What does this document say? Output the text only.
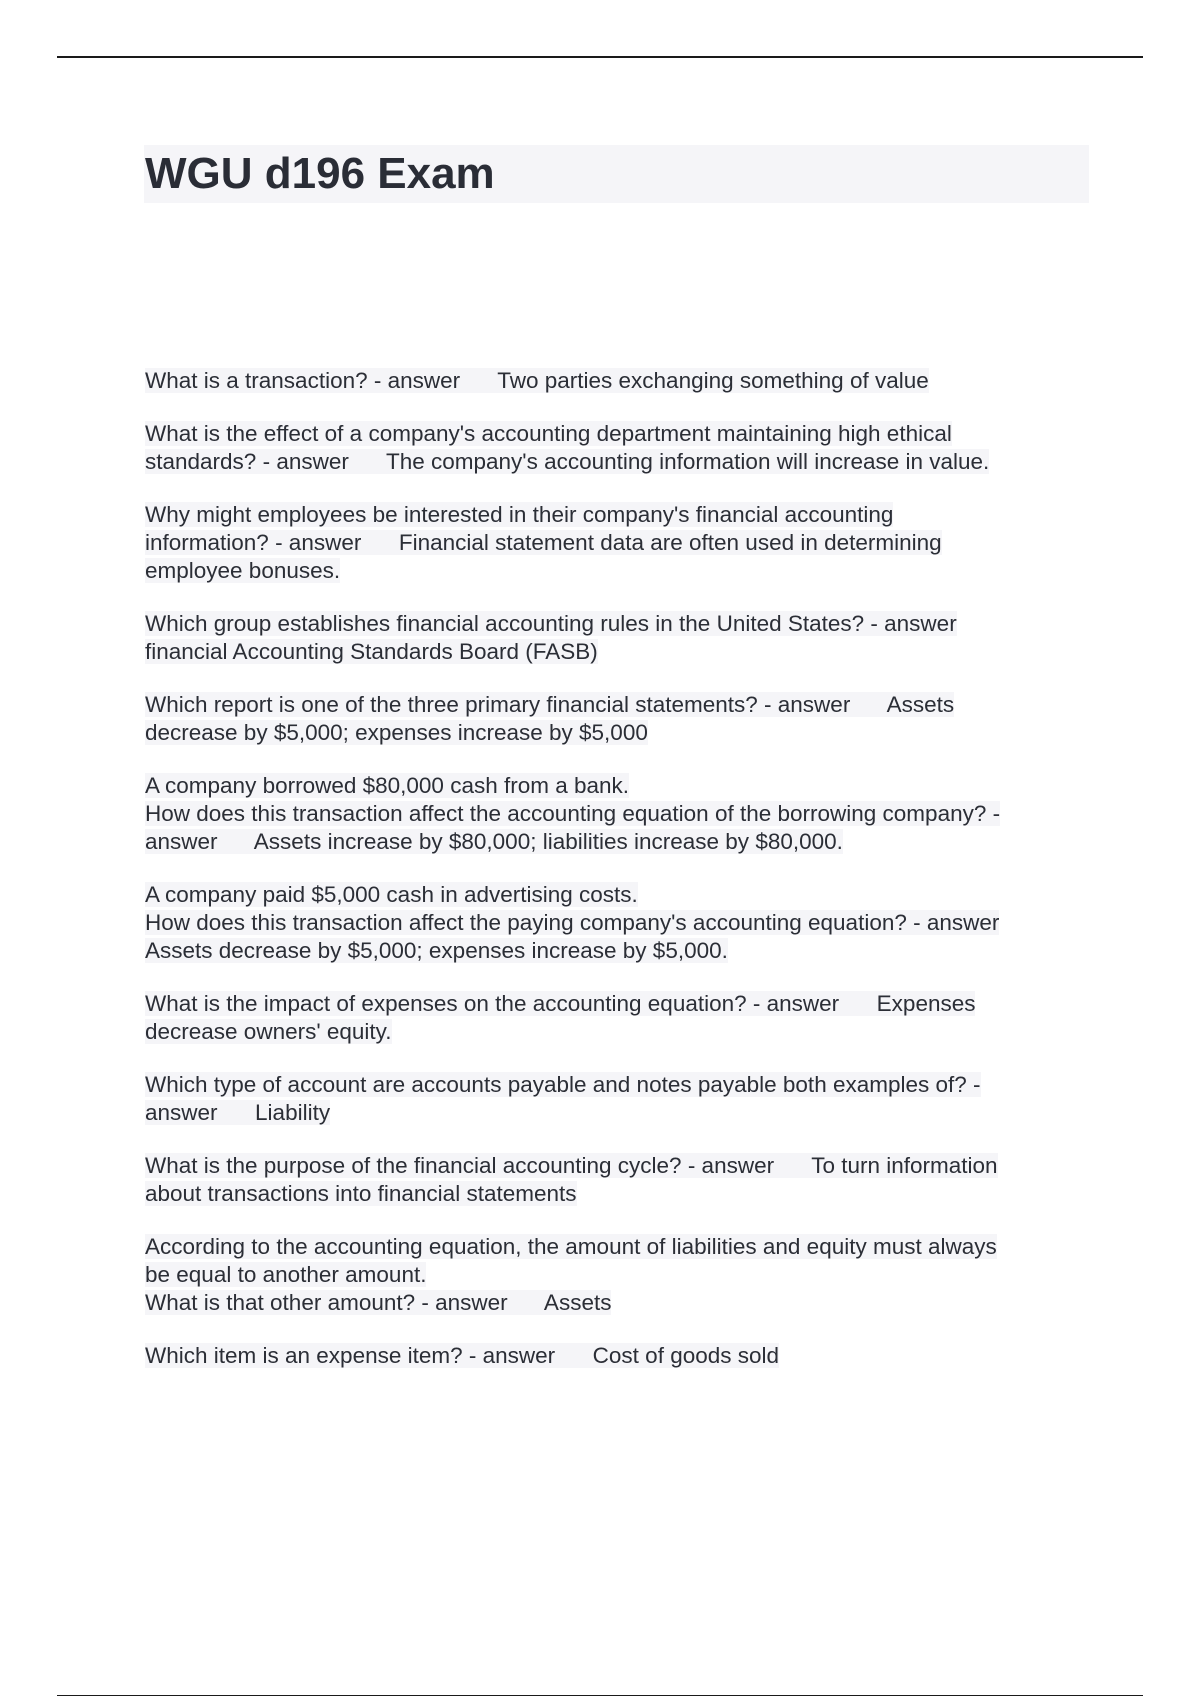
WGU d196 Exam

What is a transaction? - answer      Two parties exchanging something of value

What is the effect of a company's accounting department maintaining high ethical
standards? - answer      The company's accounting information will increase in value.

Why might employees be interested in their company's financial accounting
information? - answer      Financial statement data are often used in determining
employee bonuses.

Which group establishes financial accounting rules in the United States? - answer
financial Accounting Standards Board (FASB)

Which report is one of the three primary financial statements? - answer      Assets
decrease by $5,000; expenses increase by $5,000

A company borrowed $80,000 cash from a bank.
How does this transaction affect the accounting equation of the borrowing company? -
answer      Assets increase by $80,000; liabilities increase by $80,000.

A company paid $5,000 cash in advertising costs.
How does this transaction affect the paying company's accounting equation? - answer
Assets decrease by $5,000; expenses increase by $5,000.

What is the impact of expenses on the accounting equation? - answer      Expenses
decrease owners' equity.

Which type of account are accounts payable and notes payable both examples of? -
answer      Liability

What is the purpose of the financial accounting cycle? - answer      To turn information
about transactions into financial statements

According to the accounting equation, the amount of liabilities and equity must always
be equal to another amount.
What is that other amount? - answer      Assets

Which item is an expense item? - answer      Cost of goods sold
